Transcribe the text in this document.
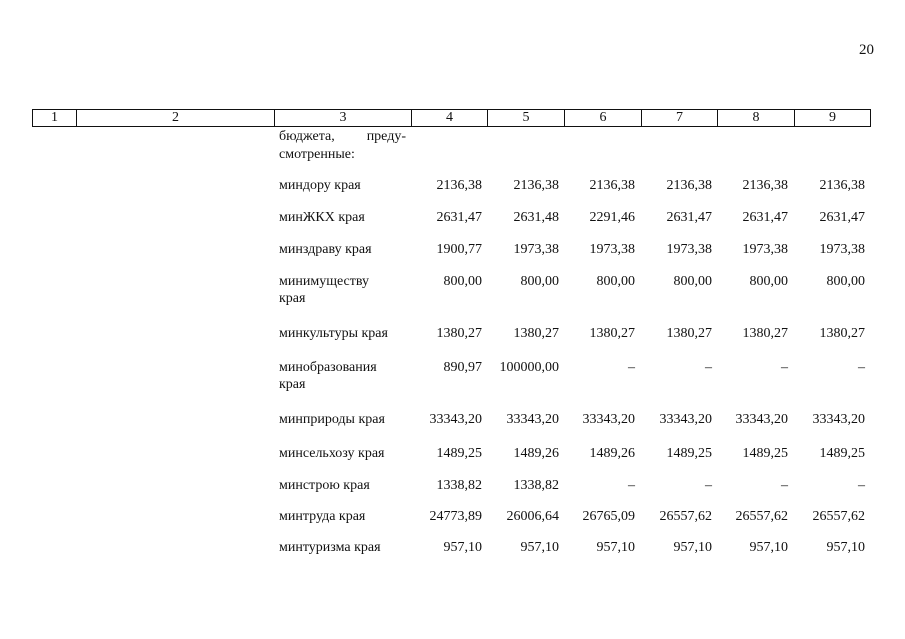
20
1	2	3	4	5	6	7	8	9
бюджета, преду-
смотренные:
миндору края	2136,38 2136,38 2136,38 2136,38 2136,38 2136,38
минЖКХ края	2631,47 2631,48 2291,46 2631,47 2631,47 2631,47
минздраву края	1900,77 1973,38 1973,38 1973,38 1973,38 1973,38
минимуществу
края
800,00	800,00	800,00	800,00	800,00	800,00
минкультуры края	1380,27 1380,27 1380,27 1380,27 1380,27 1380,27
минобразования
края
890,97 100000,00	–	–	–	–
минприроды края	33343,20 33343,20 33343,20 33343,20 33343,20 33343,20
минсельхозу края	1489,25 1489,26 1489,26 1489,25 1489,25 1489,25
минстрою края	1338,82 1338,82	–	–	–	–
минтруда края	24773,89 26006,64 26765,09 26557,62 26557,62 26557,62
минтуризма края	957,10	957,10	957,10	957,10	957,10	957,10
